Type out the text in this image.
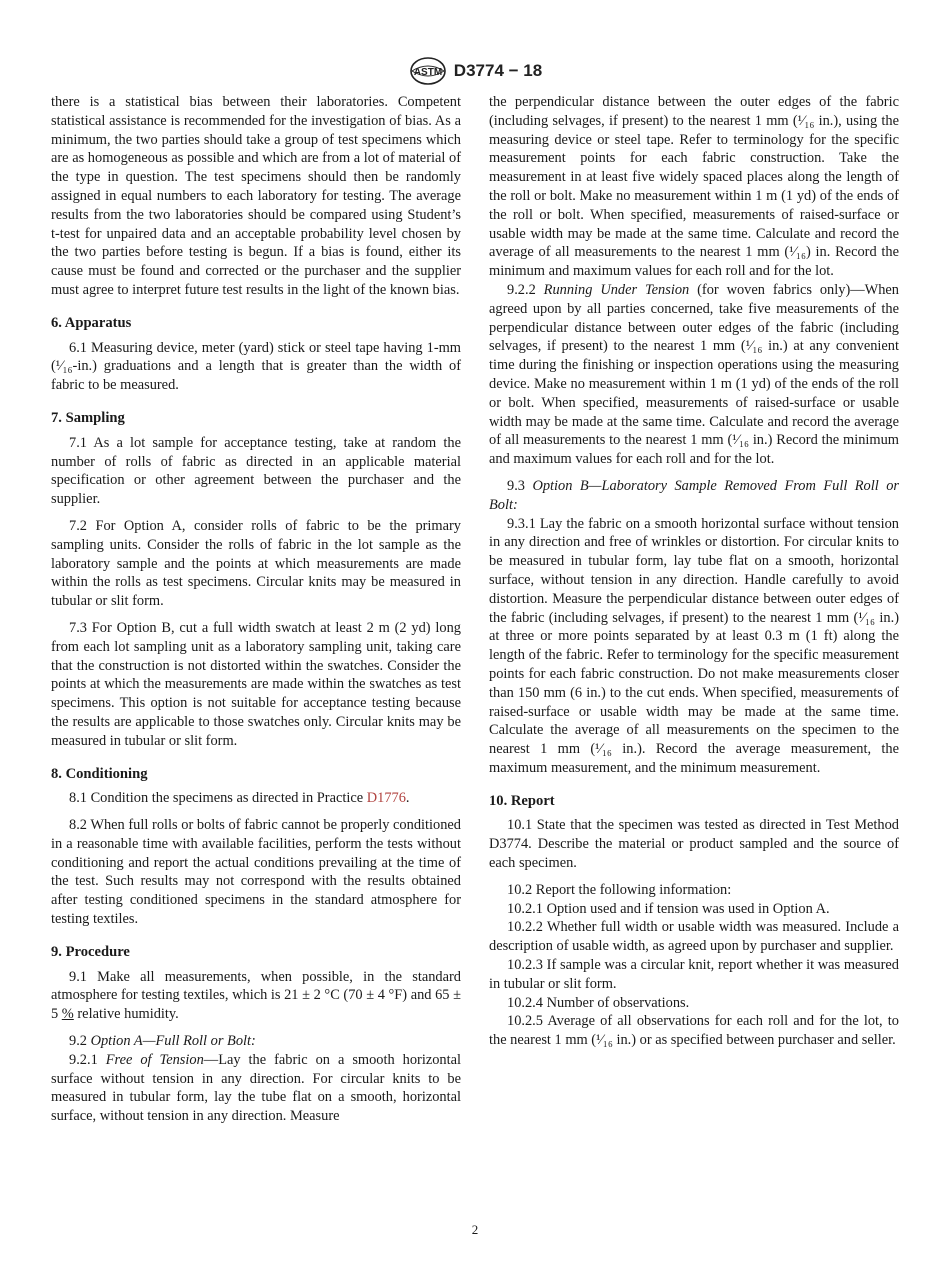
ASTM D3774 − 18

there is a statistical bias between their laboratories. Competent statistical assistance is recommended for the investigation of bias. As a minimum, the two parties should take a group of test specimens which are as homogeneous as possible and which are from a lot of material of the type in question. The test specimens should then be randomly assigned in equal numbers to each laboratory for testing. The average results from the two laboratories should be compared using Student’s t-test for unpaired data and an acceptable probability level chosen by the two parties before testing is begun. If a bias is found, either its cause must be found and corrected or the purchaser and the supplier must agree to interpret future test results in the light of the known bias.

6. Apparatus

6.1 Measuring device, meter (yard) stick or steel tape having 1-mm (¹⁄₁₆-in.) graduations and a length that is greater than the width of fabric to be measured.

7. Sampling

7.1 As a lot sample for acceptance testing, take at random the number of rolls of fabric as directed in an applicable material specification or other agreement between the purchaser and the supplier.

7.2 For Option A, consider rolls of fabric to be the primary sampling units. Consider the rolls of fabric in the lot sample as the laboratory sample and the points at which measurements are made within the rolls as test specimens. Circular knits may be measured in tubular or slit form.

7.3 For Option B, cut a full width swatch at least 2 m (2 yd) long from each lot sampling unit as a laboratory sampling unit, taking care that the construction is not distorted within the swatches. Consider the points at which the measurements are made within the swatches as test specimens. This option is not suitable for acceptance testing because the results are applicable to those swatches only. Circular knits may be measured in tubular or slit form.

8. Conditioning

8.1 Condition the specimens as directed in Practice D1776.

8.2 When full rolls or bolts of fabric cannot be properly conditioned in a reasonable time with available facilities, perform the tests without conditioning and report the actual conditions prevailing at the time of the test. Such results may not correspond with the results obtained after testing conditioned specimens in the standard atmosphere for testing textiles.

9. Procedure

9.1 Make all measurements, when possible, in the standard atmosphere for testing textiles, which is 21 ± 2 °C (70 ± 4 °F) and 65 ± 5 % relative humidity.

9.2 Option A—Full Roll or Bolt:

9.2.1 Free of Tension—Lay the fabric on a smooth horizontal surface without tension in any direction. For circular knits to be measured in tubular form, lay the tube flat on a smooth, horizontal surface, without tension in any direction. Measure

the perpendicular distance between the outer edges of the fabric (including selvages, if present) to the nearest 1 mm (¹⁄₁₆ in.), using the measuring device or steel tape. Refer to terminology for the specific measurement points for each fabric construction. Take the measurement in at least five widely spaced places along the length of the roll or bolt. Make no measurement within 1 m (1 yd) of the ends of the roll or bolt. When specified, measurements of raised-surface or usable width may be made at the same time. Calculate and record the average of all measurements to the nearest 1 mm (¹⁄₁₆) in. Record the minimum and maximum values for each roll and for the lot.

9.2.2 Running Under Tension (for woven fabrics only)—When agreed upon by all parties concerned, take five measurements of the perpendicular distance between outer edges of the fabric (including selvages, if present) to the nearest 1 mm (¹⁄₁₆ in.) at any convenient time during the finishing or inspection operations using the measuring device. Make no measurement within 1 m (1 yd) of the ends of the roll or bolt. When specified, measurements of raised-surface or usable width may be made at the same time. Calculate and record the average of all measurements to the nearest 1 mm (¹⁄₁₆ in.) Record the minimum and maximum values for each roll and for the lot.

9.3 Option B—Laboratory Sample Removed From Full Roll or Bolt:

9.3.1 Lay the fabric on a smooth horizontal surface without tension in any direction and free of wrinkles or distortion. For circular knits to be measured in tubular form, lay tube flat on a smooth, horizontal surface, without tension in any direction. Handle carefully to avoid distortion. Measure the perpendicular distance between outer edges of the fabric (including selvages, if present) to the nearest 1 mm (¹⁄₁₆ in.) at three or more points separated by at least 0.3 m (1 ft) along the length of the fabric. Refer to terminology for the specific measurement points for each fabric construction. Do not make measurements closer than 150 mm (6 in.) to the cut ends. When specified, measurements of raised-surface or usable width may be made at the same time. Calculate the average of all measurements on the specimen to the nearest 1 mm (¹⁄₁₆ in.). Record the average measurement, the maximum measurement, and the minimum measurement.

10. Report

10.1 State that the specimen was tested as directed in Test Method D3774. Describe the material or product sampled and the source of each specimen.

10.2 Report the following information:

10.2.1 Option used and if tension was used in Option A.

10.2.2 Whether full width or usable width was measured. Include a description of usable width, as agreed upon by purchaser and supplier.

10.2.3 If sample was a circular knit, report whether it was measured in tubular or slit form.

10.2.4 Number of observations.

10.2.5 Average of all observations for each roll and for the lot, to the nearest 1 mm (¹⁄₁₆ in.) or as specified between purchaser and seller.

2
